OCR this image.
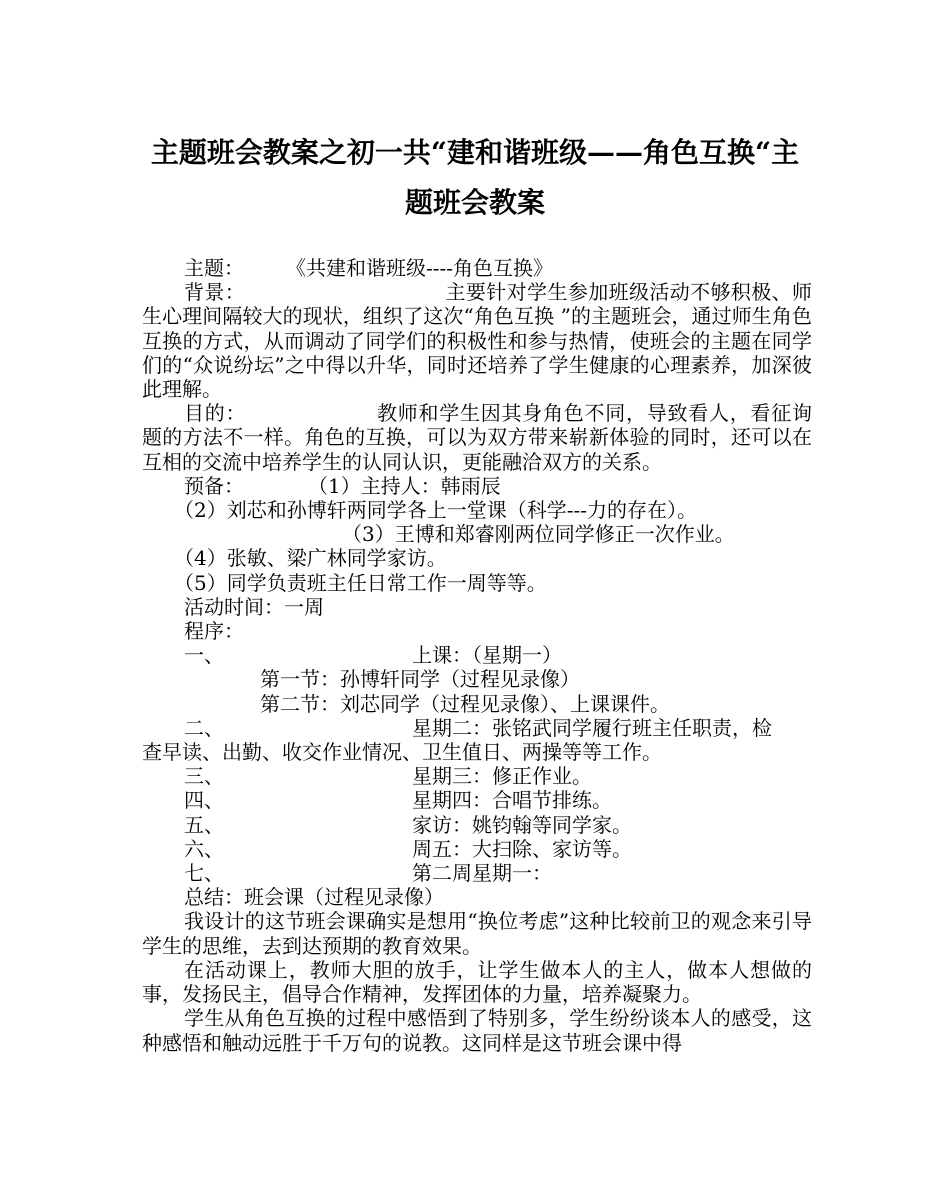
主题班会教案之初一共“建和谐班级——角色互换“主
题班会教案

主题： 《共建和谐班级----角色互换》

背景：	主要针对学生参加班级活动不够积极、师生心理间隔较大的现状，组织了这次“角色互换 ”的主题班会，通过师生角色互换的方式，从而调动了同学们的积极性和参与热情，使班会的主题在同学们的“众说纷坛”之中得以升华，同时还培养了学生健康的心理素养，加深彼此理解。

目的：	教师和学生因其身角色不同，导致看人，看征询题的方法不一样。角色的互换，可以为双方带来崭新体验的同时，还可以在互相的交流中培养学生的认同认识，更能融洽双方的关系。

预备：	（1）主持人：韩雨辰

（2）刘芯和孙博轩两同学各上一堂课（科学---力的存在）。

（3）王博和郑睿刚两位同学修正一次作业。

（4）张敏、梁广林同学家访。

（5）同学负责班主任日常工作一周等等。

活动时间：一周

程序：

一、	上课：（星期一）

第一节：孙博轩同学（过程见录像）

第二节：刘芯同学（过程见录像）、上课课件。

二、	星期二：张铭武同学履行班主任职责，检

查早读、出勤、收交作业情况、卫生值日、两操等等工作。

三、	星期三：修正作业。

四、	星期四：合唱节排练。

五、	家访：姚钧翰等同学家。

六、	周五：大扫除、家访等。

七、	第二周星期一：

总结：班会课（过程见录像）

我设计的这节班会课确实是想用“换位考虑”这种比较前卫的观念来引导学生的思维，去到达预期的教育效果。

在活动课上，教师大胆的放手，让学生做本人的主人，做本人想做的事，发扬民主，倡导合作精神，发挥团体的力量，培养凝聚力。

学生从角色互换的过程中感悟到了特别多，学生纷纷谈本人的感受，这种感悟和触动远胜于千万句的说教。这同样是这节班会课中得
